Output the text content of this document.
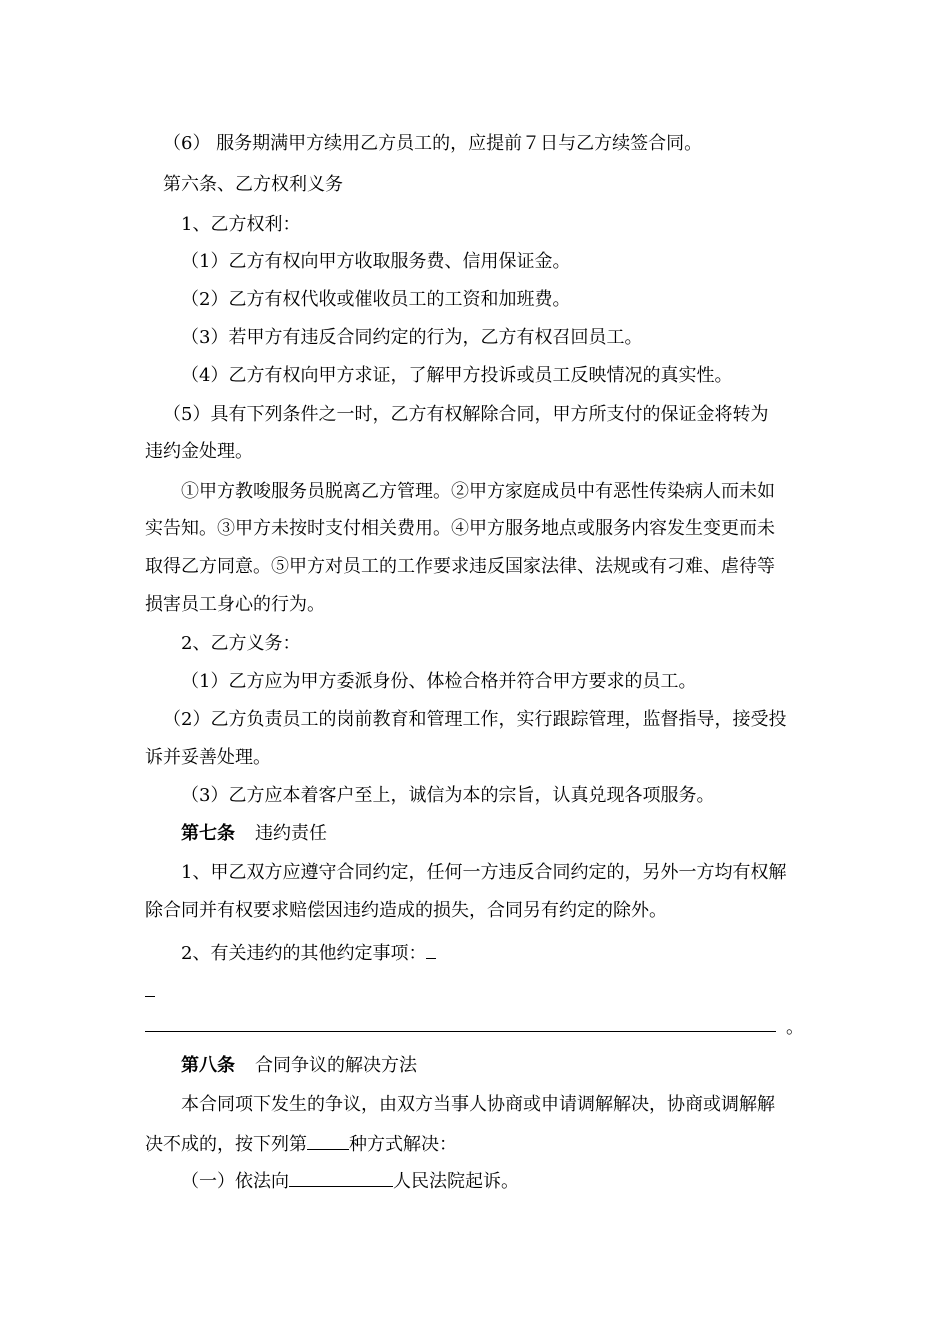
（6） 服务期满甲方续用乙方员工的，应提前７日与乙方续签合同。
第六条、乙方权利义务
1、乙方权利：
（1）乙方有权向甲方收取服务费、信用保证金。
（2）乙方有权代收或催收员工的工资和加班费。
（3）若甲方有违反合同约定的行为，乙方有权召回员工。
（4）乙方有权向甲方求证，了解甲方投诉或员工反映情况的真实性。
（5）具有下列条件之一时，乙方有权解除合同，甲方所支付的保证金将转为
违约金处理。
①甲方教唆服务员脱离乙方管理。②甲方家庭成员中有恶性传染病人而未如
实告知。③甲方未按时支付相关费用。④甲方服务地点或服务内容发生变更而未
取得乙方同意。⑤甲方对员工的工作要求违反国家法律、法规或有刁难、虐待等
损害员工身心的行为。
2、乙方义务：
（1）乙方应为甲方委派身份、体检合格并符合甲方要求的员工。
（2）乙方负责员工的岗前教育和管理工作，实行跟踪管理，监督指导，接受投
诉并妥善处理。
（3）乙方应本着客户至上，诚信为本的宗旨，认真兑现各项服务。
第七条 违约责任
1、甲乙双方应遵守合同约定，任何一方违反合同约定的，另外一方均有权解
除合同并有权要求赔偿因违约造成的损失，合同另有约定的除外。
2、有关违约的其他约定事项：
。
第八条 合同争议的解决方法
本合同项下发生的争议，由双方当事人协商或申请调解解决，协商或调解解
决不成的，按下列第 种方式解决：
（一）依法向	人民法院起诉。
